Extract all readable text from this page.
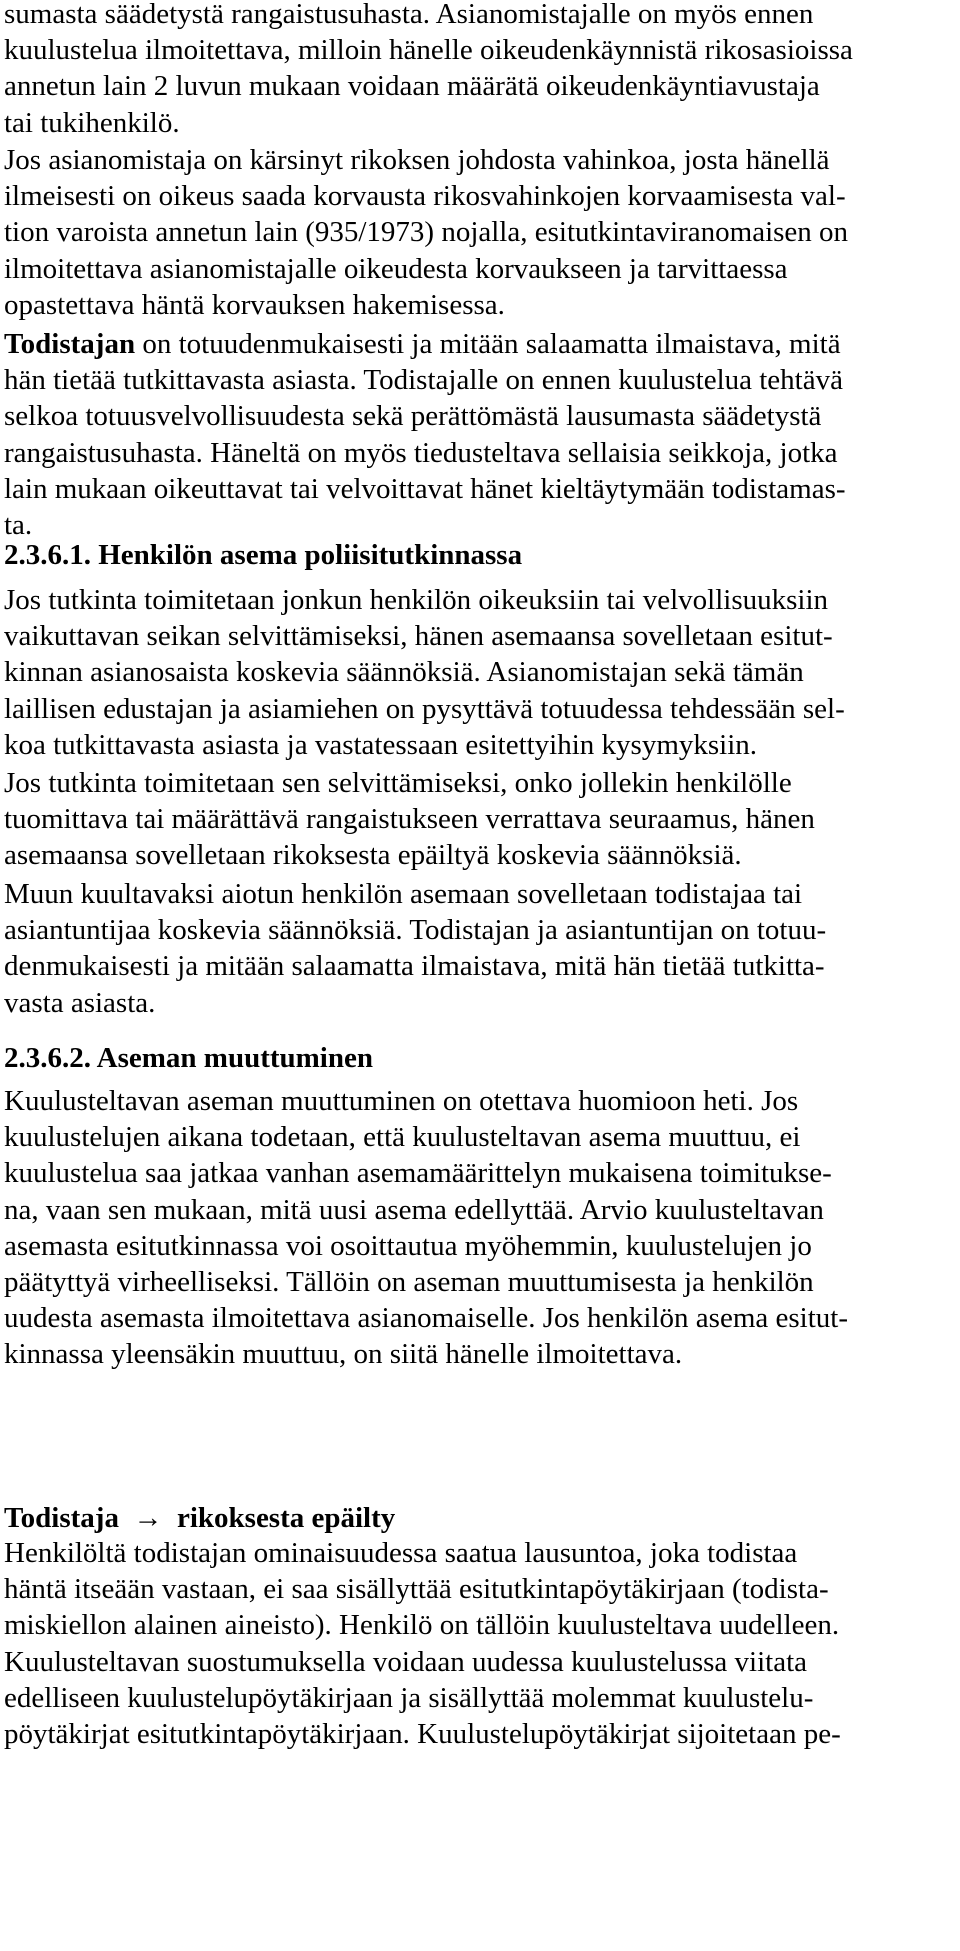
sumasta säädetystä rangaistusuhasta. Asianomistajalle on myös ennen
kuulustelua ilmoitettava, milloin hänelle oikeudenkäynnistä rikosasioissa
annetun lain 2 luvun mukaan voidaan määrätä oikeudenkäyntiavustaja
tai tukihenkilö.
Jos asianomistaja on kärsinyt rikoksen johdosta vahinkoa, josta hänellä
ilmeisesti on oikeus saada korvausta rikosvahinkojen korvaamisesta val-
tion varoista annetun lain (935/1973) nojalla, esitutkintaviranomaisen on
ilmoitettava asianomistajalle oikeudesta korvaukseen ja tarvittaessa
opastettava häntä korvauksen hakemisessa.
Todistajan on totuudenmukaisesti ja mitään salaamatta ilmaistava, mitä
hän tietää tutkittavasta asiasta. Todistajalle on ennen kuulustelua tehtävä
selkoa totuusvelvollisuudesta sekä perättömästä lausumasta säädetystä
rangaistusuhasta. Häneltä on myös tiedusteltava sellaisia seikkoja, jotka
lain mukaan oikeuttavat tai velvoittavat hänet kieltäytymään todistamas-
ta.
2.3.6.1. Henkilön asema poliisitutkinnassa
Jos tutkinta toimitetaan jonkun henkilön oikeuksiin tai velvollisuuksiin
vaikuttavan seikan selvittämiseksi, hänen asemaansa sovelletaan esitut-
kinnan asianosaista koskevia säännöksiä. Asianomistajan sekä tämän
laillisen edustajan ja asiamiehen on pysyttävä totuudessa tehdessään sel-
koa tutkittavasta asiasta ja vastatessaan esitettyihin kysymyksiin.
Jos tutkinta toimitetaan sen selvittämiseksi, onko jollekin henkilölle
tuomittava tai määrättävä rangaistukseen verrattava seuraamus, hänen
asemaansa sovelletaan rikoksesta epäiltyä koskevia säännöksiä.
Muun kuultavaksi aiotun henkilön asemaan sovelletaan todistajaa tai
asiantuntijaa koskevia säännöksiä. Todistajan ja asiantuntijan on totuu-
denmukaisesti ja mitään salaamatta ilmaistava, mitä hän tietää tutkitta-
vasta asiasta.
2.3.6.2. Aseman muuttuminen
Kuulusteltavan aseman muuttuminen on otettava huomioon heti. Jos
kuulustelujen aikana todetaan, että kuulusteltavan asema muuttuu, ei
kuulustelua saa jatkaa vanhan asemamäärittelyn mukaisena toimitukse-
na, vaan sen mukaan, mitä uusi asema edellyttää. Arvio kuulusteltavan
asemasta esitutkinnassa voi osoittautua myöhemmin, kuulustelujen jo
päätyttyä virheelliseksi. Tällöin on aseman muuttumisesta ja henkilön
uudesta asemasta ilmoitettava asianomaiselle. Jos henkilön asema esitut-
kinnassa yleensäkin muuttuu, on siitä hänelle ilmoitettava.
Todistaja → rikoksesta epäilty
Henkilöltä todistajan ominaisuudessa saatua lausuntoa, joka todistaa
häntä itseään vastaan, ei saa sisällyttää esitutkintapöytäkirjaan (todista-
miskiellon alainen aineisto). Henkilö on tällöin kuulusteltava uudelleen.
Kuulusteltavan suostumuksella voidaan uudessa kuulustelussa viitata
edelliseen kuulustelupöytäkirjaan ja sisällyttää molemmat kuulustelu-
pöytäkirjat esitutkintapöytäkirjaan. Kuulustelupöytäkirjat sijoitetaan pe-
